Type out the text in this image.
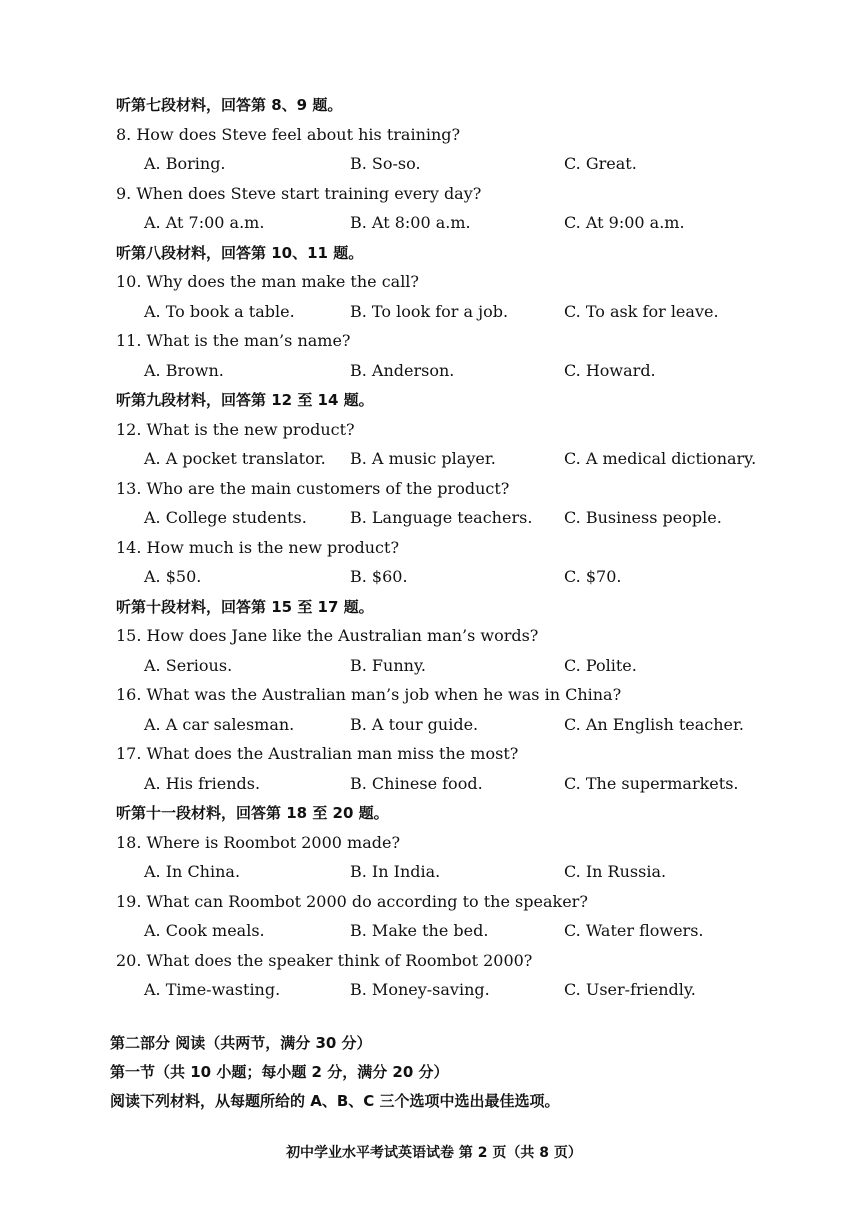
听第七段材料，回答第 8、9 题。
8. How does Steve feel about his training?
A. Boring.	B. So-so.	C. Great.
9. When does Steve start training every day?
A. At 7:00 a.m.	B. At 8:00 a.m.	C. At 9:00 a.m.
听第八段材料，回答第 10、11 题。
10. Why does the man make the call?
A. To book a table.	B. To look for a job.	C. To ask for leave.
11. What is the man’s name?
A. Brown.	B. Anderson.	C. Howard.
听第九段材料，回答第 12 至 14 题。
12. What is the new product?
A. A pocket translator. B. A music player.	C. A medical dictionary.
13. Who are the main customers of the product?
A. College students.	B. Language teachers. C. Business people.
14. How much is the new product?
A. $50.	B. $60.	C. $70.
听第十段材料，回答第 15 至 17 题。
15. How does Jane like the Australian man’s words?
A. Serious.	B. Funny.	C. Polite.
16. What was the Australian man’s job when he was in China?
A. A car salesman.	B. A tour guide.	C. An English teacher.
17. What does the Australian man miss the most?
A. His friends.	B. Chinese food.	C. The supermarkets.
听第十一段材料，回答第 18 至 20 题。
18. Where is Roombot 2000 made?
A. In China.	B. In India.	C. In Russia.
19. What can Roombot 2000 do according to the speaker?
A. Cook meals.	B. Make the bed.	C. Water flowers.
20. What does the speaker think of Roombot 2000?
A. Time-wasting.	B. Money-saving.	C. User-friendly.
第二部分 阅读（共两节，满分 30 分）
第一节（共 10 小题；每小题 2 分，满分 20 分）
阅读下列材料，从每题所给的 A、B、C 三个选项中选出最佳选项。
初中学业水平考试英语试卷 第 2 页（共 8 页）
